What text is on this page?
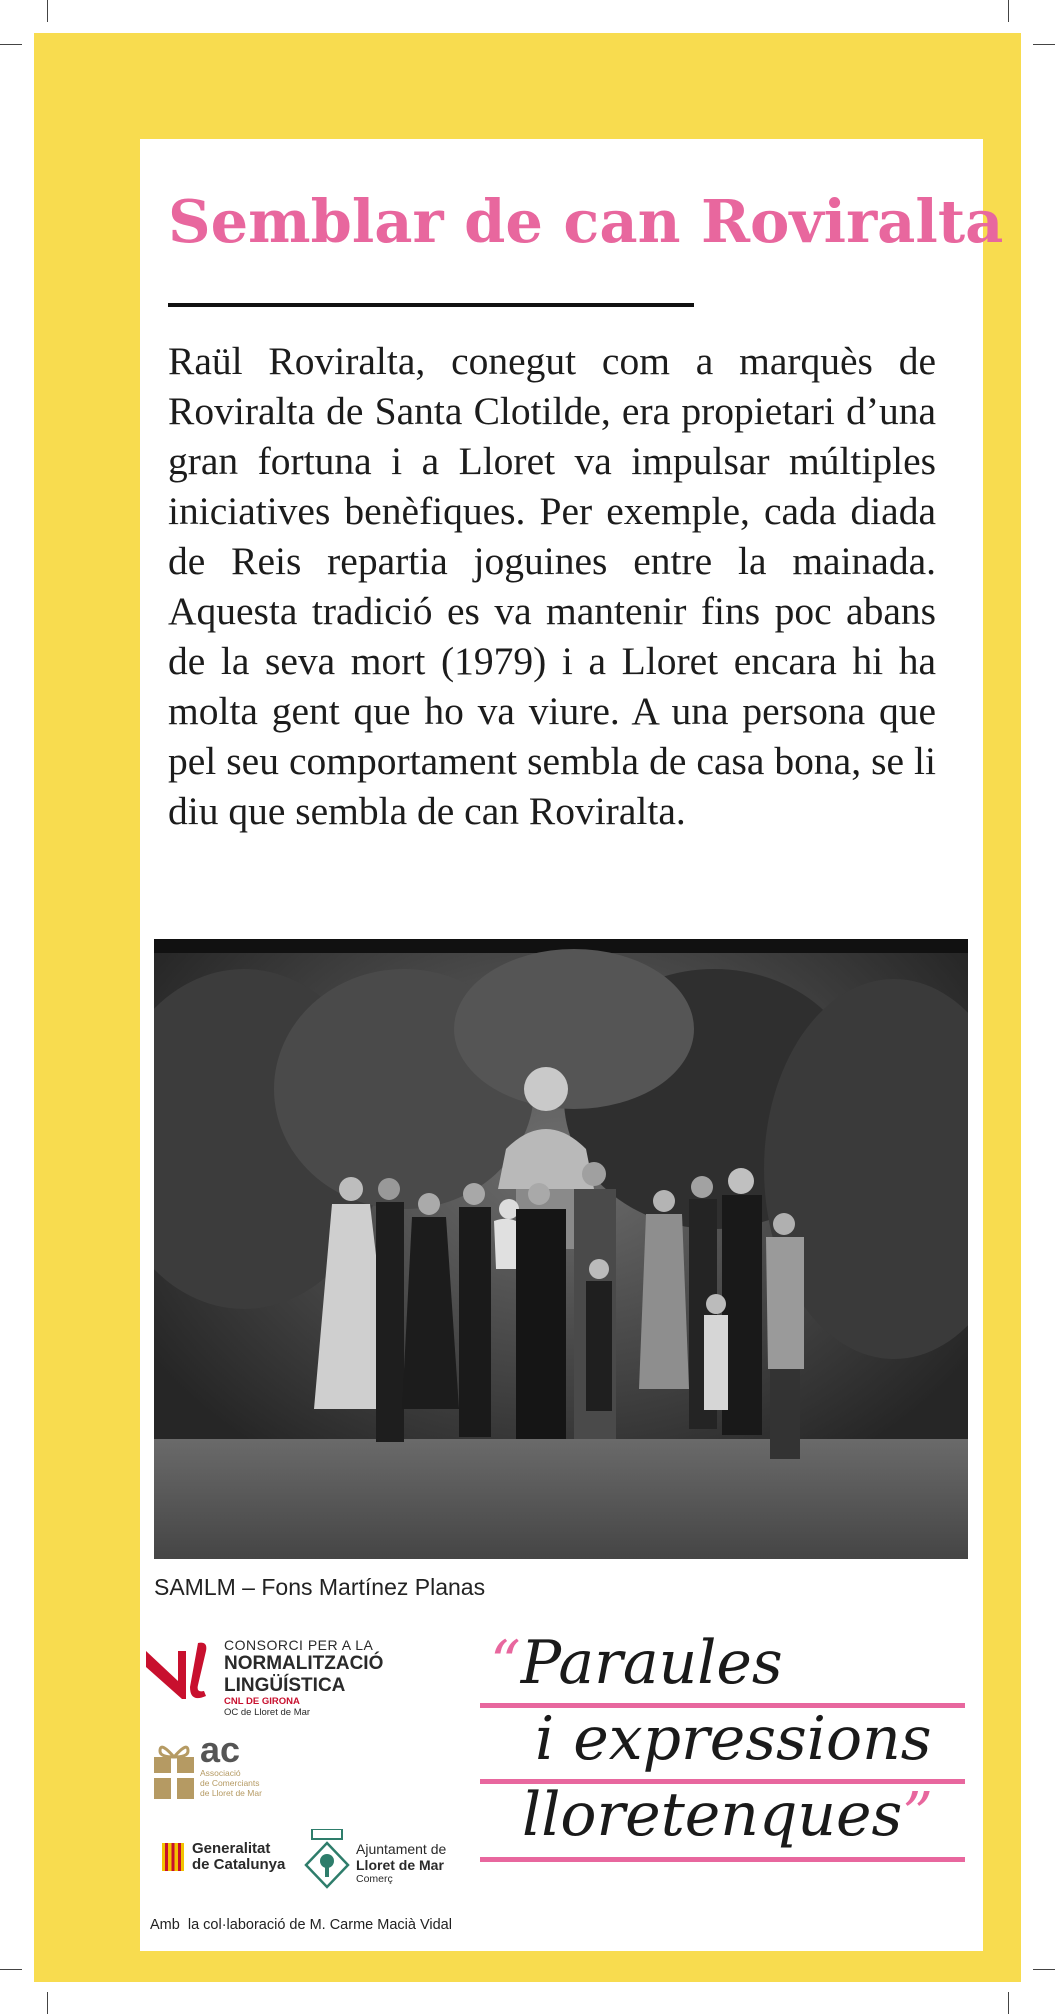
Semblar de can Roviralta

Raül Roviralta, conegut com a marquès de Roviralta de Santa Clotilde, era propietari d’una gran fortuna i a Lloret va impulsar múltiples iniciatives benèfiques. Per exemple, cada diada de Reis repartia joguines entre la mainada. Aquesta tradició es va mantenir fins poc abans de la seva mort (1979) i a Lloret encara hi ha molta gent que ho va viure. A una persona que pel seu comportament sembla de casa bona, se li diu que sembla de can Roviralta.

SAMLM – Fons Martínez Planas
CONSORCI PER A LA
NORMALITZACIÓ
LINGÜÍSTICA
CNL DE GIRONA
OC de Lloret de Mar
ac
Associació
de Comerciants
de Lloret de Mar
Generalitat
de Catalunya
Ajuntament de
Lloret de Mar
Comerç
“Paraules
i expressions
lloretenques”
Amb  la col·laboració de M. Carme Macià Vidal
